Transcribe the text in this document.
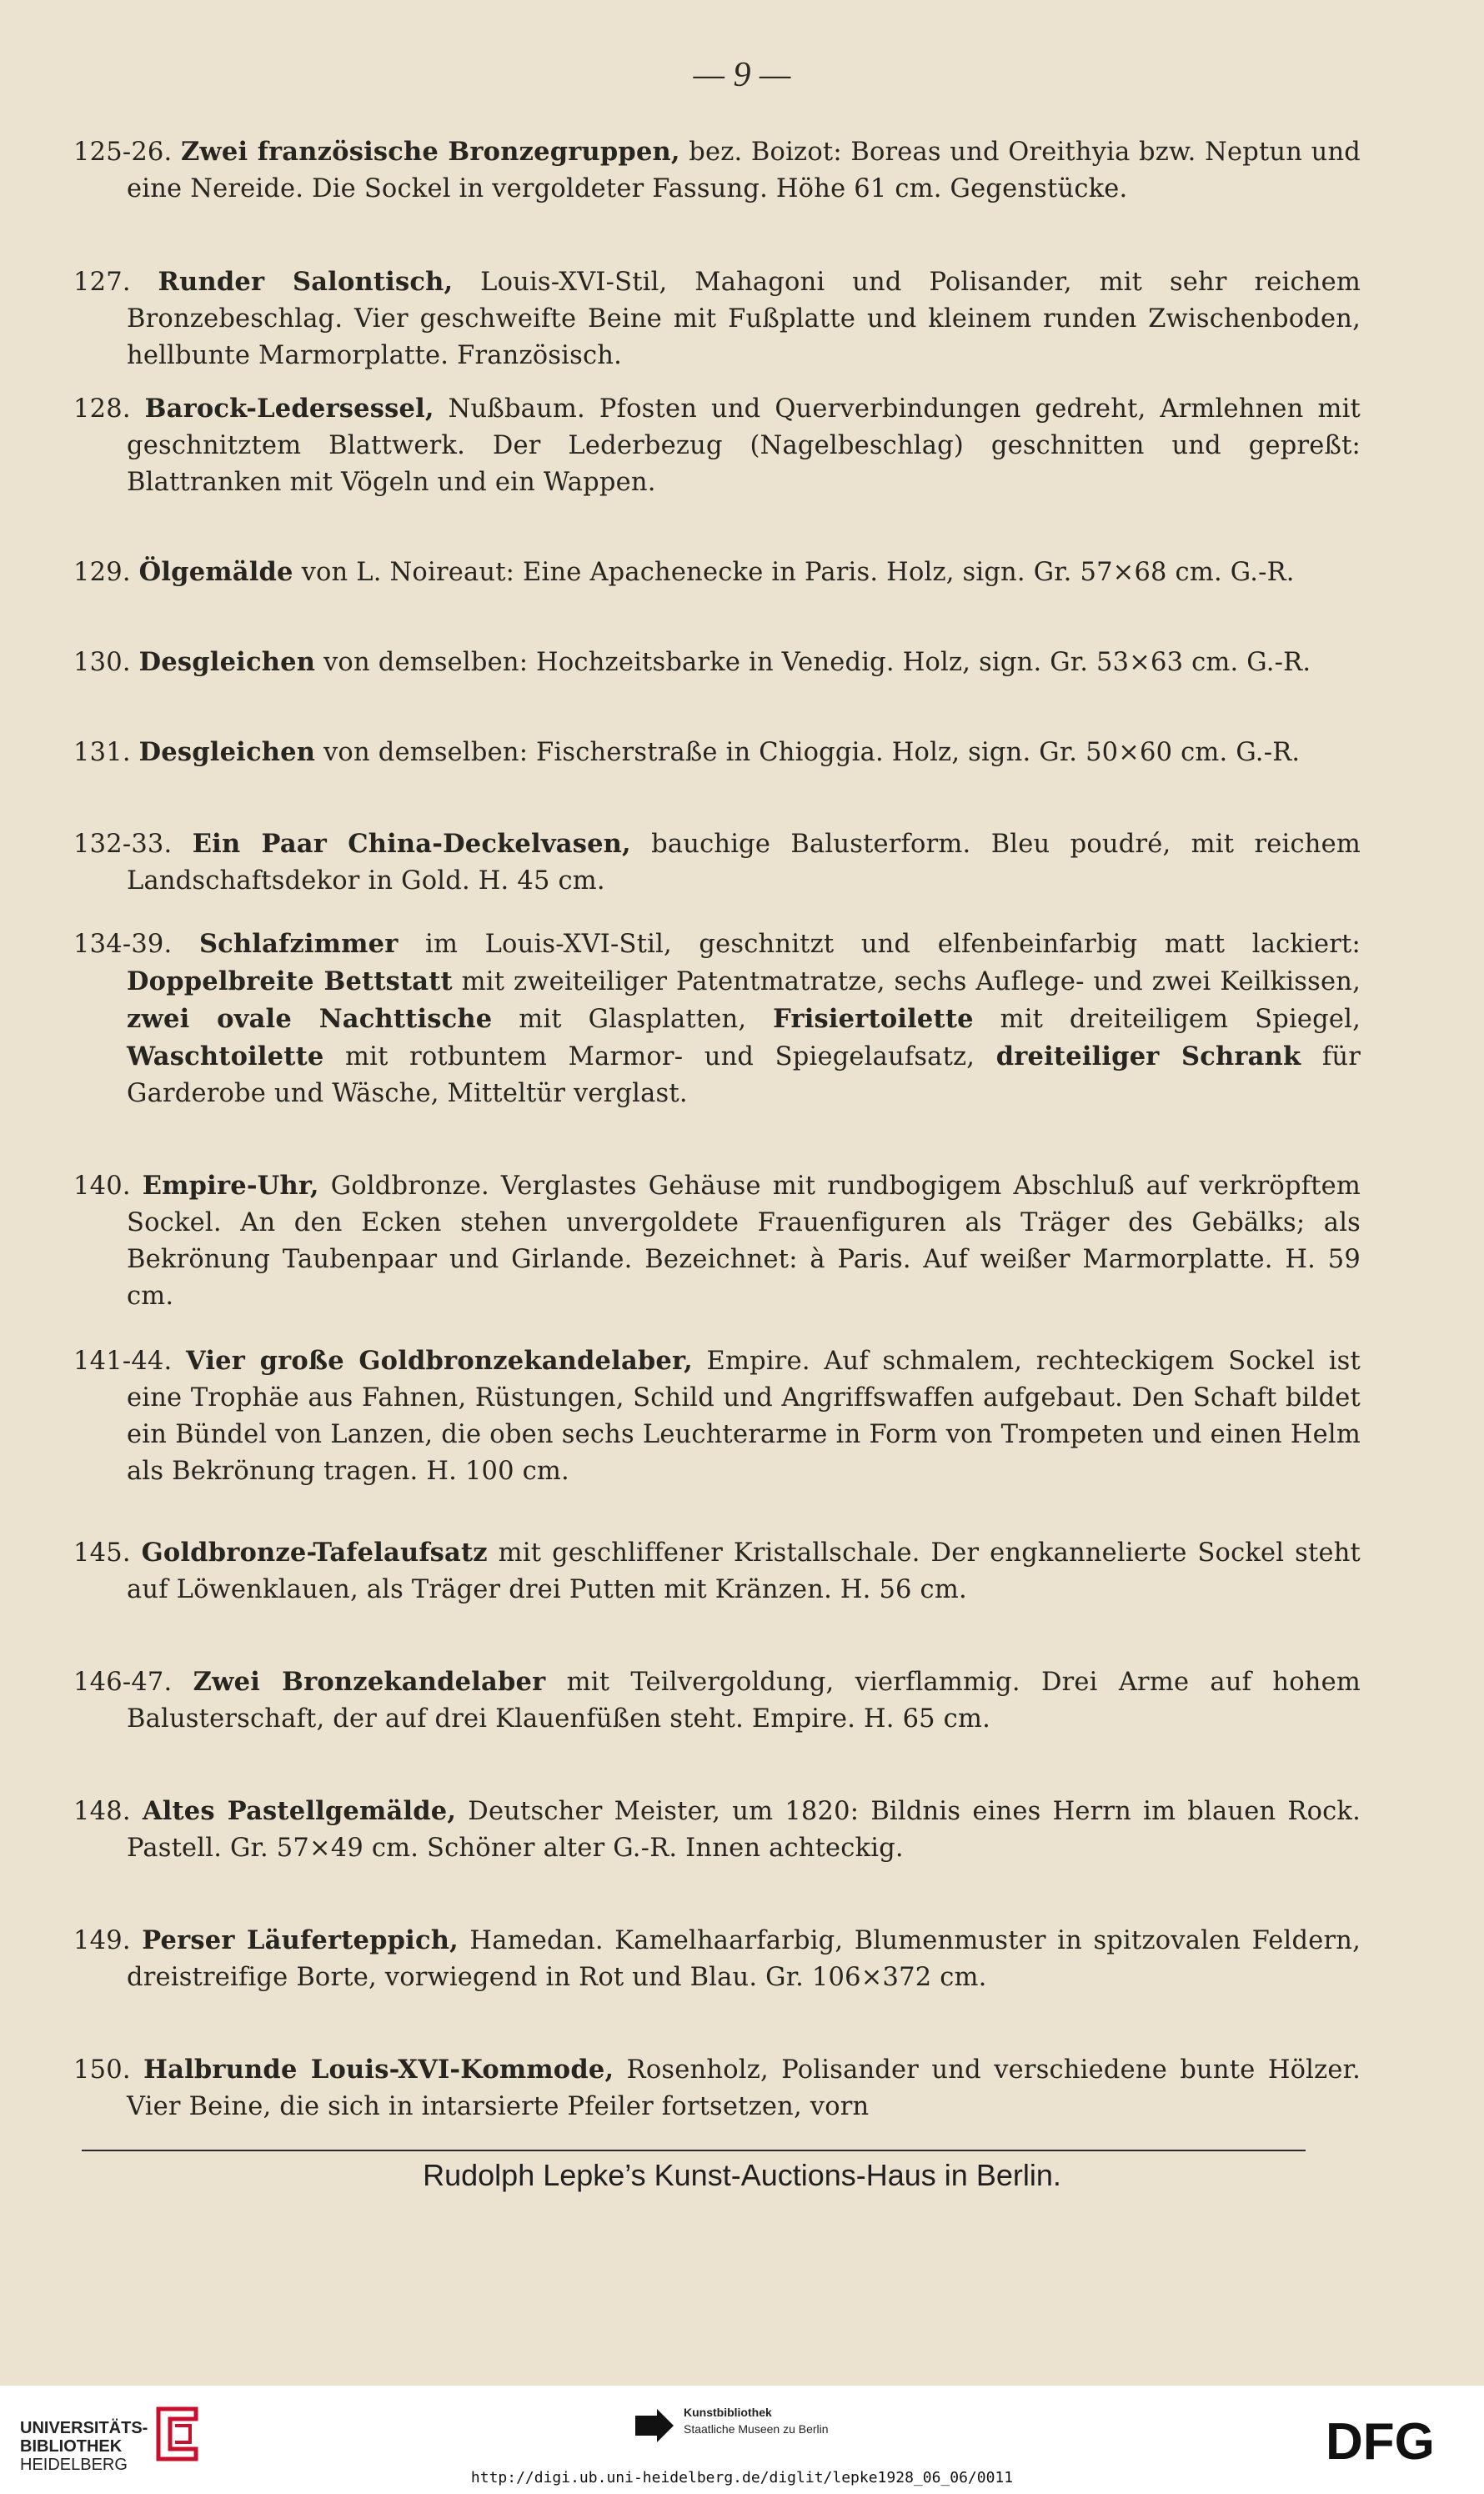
— 9 —
125-26. Zwei französische Bronzegruppen, bez. Boizot: Boreas und Oreithyia bzw. Neptun und eine Nereide. Die Sockel in vergoldeter Fassung. Höhe 61 cm. Gegenstücke.
127. Runder Salontisch, Louis-XVI-Stil, Mahagoni und Polisander, mit sehr reichem Bronzebeschlag. Vier geschweifte Beine mit Fußplatte und kleinem runden Zwischenboden, hellbunte Marmorplatte. Französisch.
128. Barock-Ledersessel, Nußbaum. Pfosten und Querverbindungen gedreht, Armlehnen mit geschnitztem Blattwerk. Der Lederbezug (Nagelbeschlag) geschnitten und gepreßt: Blattranken mit Vögeln und ein Wappen.
129. Ölgemälde von L. Noireaut: Eine Apachenecke in Paris. Holz, sign. Gr. 57×68 cm. G.-R.
130. Desgleichen von demselben: Hochzeitsbarke in Venedig. Holz, sign. Gr. 53×63 cm. G.-R.
131. Desgleichen von demselben: Fischerstraße in Chioggia. Holz, sign. Gr. 50×60 cm. G.-R.
132-33. Ein Paar China-Deckelvasen, bauchige Balusterform. Bleu poudré, mit reichem Landschaftsdekor in Gold. H. 45 cm.
134-39. Schlafzimmer im Louis-XVI-Stil, geschnitzt und elfenbeinfarbig matt lackiert: Doppelbreite Bettstatt mit zweiteiliger Patentmatratze, sechs Auflege- und zwei Keilkissen, zwei ovale Nachttische mit Glasplatten, Frisiertoilette mit dreiteiligem Spiegel, Waschtoilette mit rotbuntem Marmor- und Spiegelaufsatz, dreiteiliger Schrank für Garderobe und Wäsche, Mitteltür verglast.
140. Empire-Uhr, Goldbronze. Verglastes Gehäuse mit rundbogigem Abschluß auf verkröpftem Sockel. An den Ecken stehen unvergoldete Frauenfiguren als Träger des Gebälks; als Bekrönung Taubenpaar und Girlande. Bezeichnet: à Paris. Auf weißer Marmorplatte. H. 59 cm.
141-44. Vier große Goldbronzekandelaber, Empire. Auf schmalem, rechteckigem Sockel ist eine Trophäe aus Fahnen, Rüstungen, Schild und Angriffswaffen aufgebaut. Den Schaft bildet ein Bündel von Lanzen, die oben sechs Leuchterarme in Form von Trompeten und einen Helm als Bekrönung tragen. H. 100 cm.
145. Goldbronze-Tafelaufsatz mit geschliffener Kristallschale. Der engkannelierte Sockel steht auf Löwenklauen, als Träger drei Putten mit Kränzen. H. 56 cm.
146-47. Zwei Bronzekandelaber mit Teilvergoldung, vierflammig. Drei Arme auf hohem Balusterschaft, der auf drei Klauenfüßen steht. Empire. H. 65 cm.
148. Altes Pastellgemälde, Deutscher Meister, um 1820: Bildnis eines Herrn im blauen Rock. Pastell. Gr. 57×49 cm. Schöner alter G.-R. Innen achteckig.
149. Perser Läuferteppich, Hamedan. Kamelhaarfarbig, Blumenmuster in spitzovalen Feldern, dreistreifige Borte, vorwiegend in Rot und Blau. Gr. 106×372 cm.
150. Halbrunde Louis-XVI-Kommode, Rosenholz, Polisander und verschiedene bunte Hölzer. Vier Beine, die sich in intarsierte Pfeiler fortsetzen, vorn
Rudolph Lepke’s Kunst-Auctions-Haus in Berlin.
UNIVERSITÄTS-
BIBLIOTHEK
HEIDELBERG
Kunstbibliothek
Staatliche Museen zu Berlin	DFG
http://digi.ub.uni-heidelberg.de/diglit/lepke1928_06_06/0011
